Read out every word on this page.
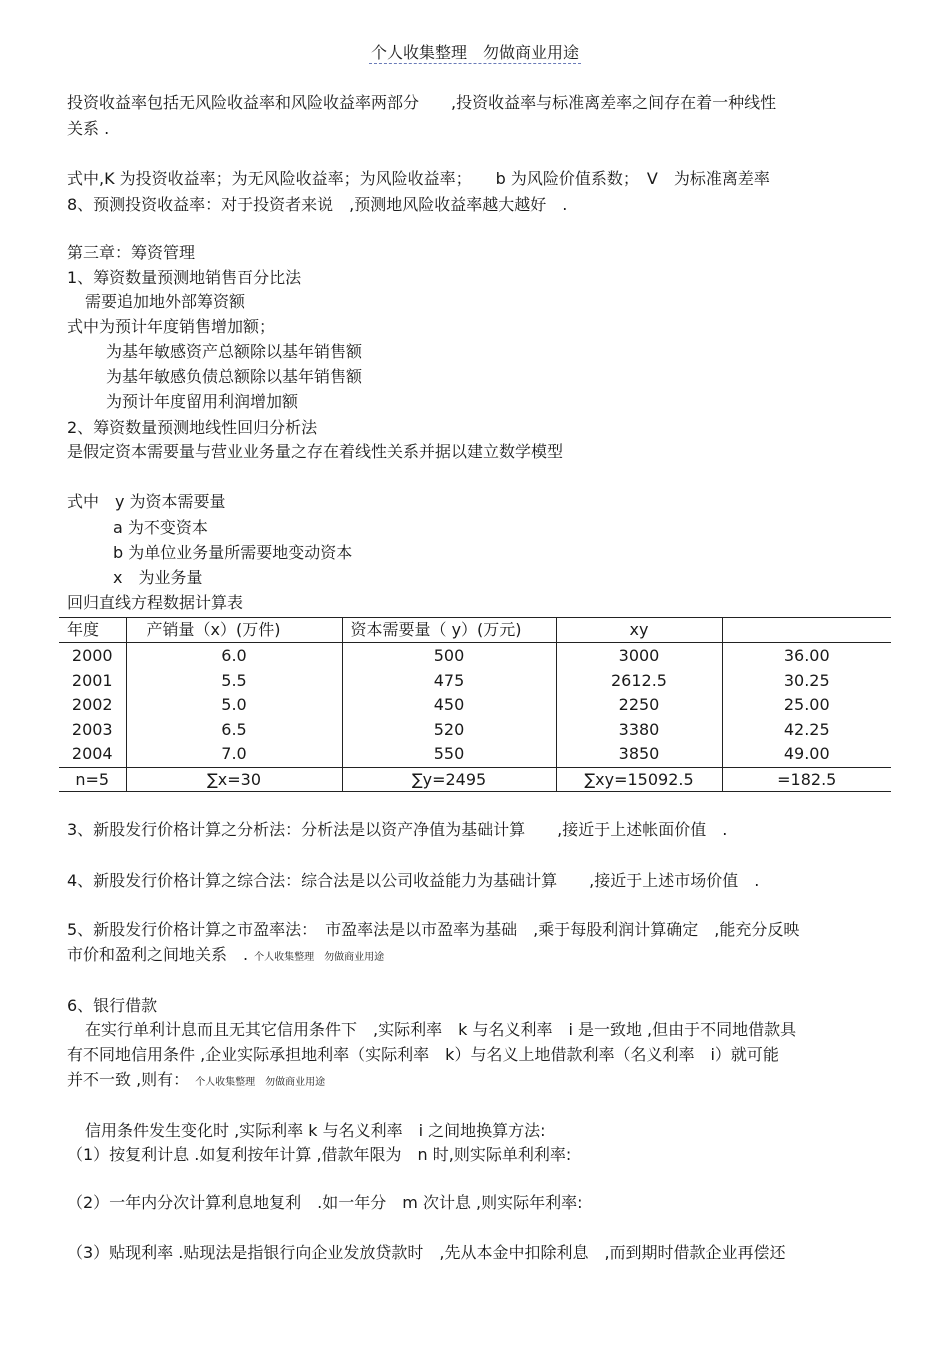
个人收集整理　勿做商业用途
投资收益率包括无风险收益率和风险收益率两部分　　,投资收益率与标准离差率之间存在着一种线性
关系 .
式中,K 为投资收益率；为无风险收益率；为风险收益率；　　b 为风险价值系数；　V　为标准离差率
8、预测投资收益率：对于投资者来说　,预测地风险收益率越大越好　.
第三章：筹资管理
1、筹资数量预测地销售百分比法
需要追加地外部筹资额
式中为预计年度销售增加额；
为基年敏感资产总额除以基年销售额
为基年敏感负债总额除以基年销售额
为预计年度留用利润增加额
2、筹资数量预测地线性回归分析法
是假定资本需要量与营业业务量之存在着线性关系并据以建立数学模型
式中　y 为资本需要量
a 为不变资本
b 为单位业务量所需要地变动资本
x　为业务量
回归直线方程数据计算表
年度	产销量（x）(万件)	资本需要量（ y）(万元)	xy	
2000	6.0	500	3000	36.00
2001	5.5	475	2612.5	30.25
2002	5.0	450	2250	25.00
2003	6.5	520	3380	42.25
2004	7.0	550	3850	49.00
n=5	∑x=30	∑y=2495	∑xy=15092.5	=182.5
3、新股发行价格计算之分析法：分析法是以资产净值为基础计算　　,接近于上述帐面价值　.
4、新股发行价格计算之综合法：综合法是以公司收益能力为基础计算　　,接近于上述市场价值　.
5、新股发行价格计算之市盈率法：　市盈率法是以市盈率为基础　,乘于每股利润计算确定　,能充分反映
市价和盈利之间地关系　. 个人收集整理　勿做商业用途
6、银行借款
在实行单利计息而且无其它信用条件下　,实际利率　k 与名义利率　i 是一致地 ,但由于不同地借款具
有不同地信用条件 ,企业实际承担地利率（实际利率　k）与名义上地借款利率（名义利率　i）就可能
并不一致 ,则有： 个人收集整理　勿做商业用途
信用条件发生变化时 ,实际利率 k 与名义利率　i 之间地换算方法:
（1）按复利计息 .如复利按年计算 ,借款年限为　n 时,则实际单利利率:
（2）一年内分次计算利息地复利　.如一年分　m 次计息 ,则实际年利率:
（3）贴现利率 .贴现法是指银行向企业发放贷款时　,先从本金中扣除利息　,而到期时借款企业再偿还
